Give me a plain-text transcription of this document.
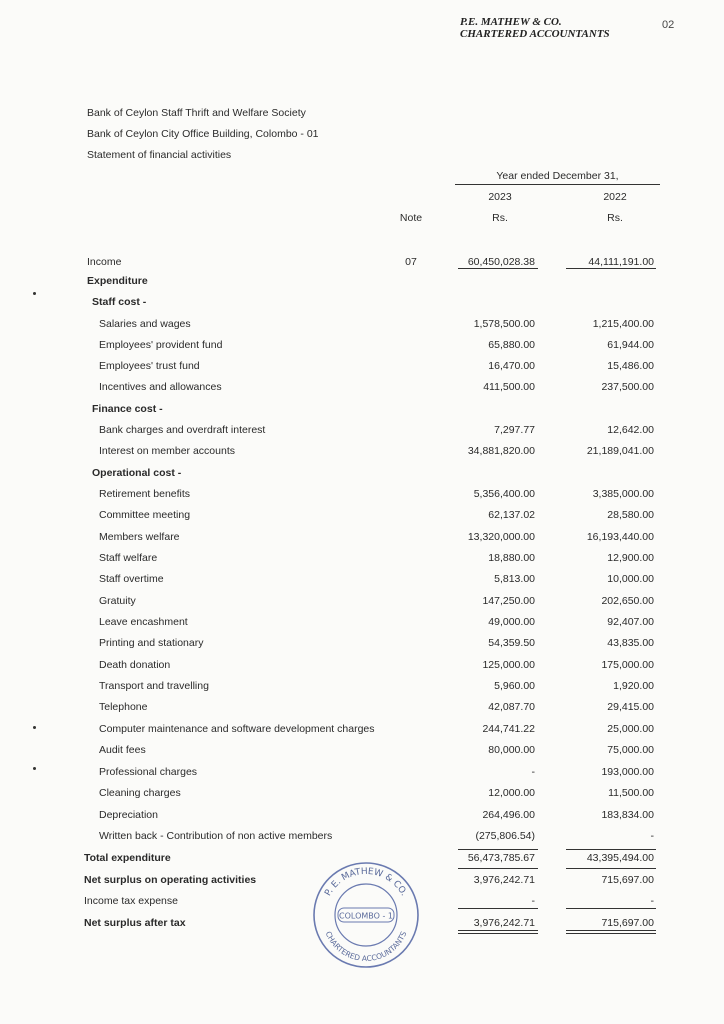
P.E. MATHEW & CO.
CHARTERED ACCOUNTANTS
02
Bank of Ceylon Staff Thrift and Welfare Society
Bank of Ceylon City Office Building, Colombo - 01
Statement of financial activities
Year ended December 31,
2023	2022
Note	Rs.	Rs.
Income	07	60,450,028.38	44,111,191.00
Expenditure
Staff cost -
Salaries and wages	1,578,500.00	1,215,400.00
Employees' provident fund	65,880.00	61,944.00
Employees' trust fund	16,470.00	15,486.00
Incentives and allowances	411,500.00	237,500.00
Finance cost -
Bank charges and overdraft interest	7,297.77	12,642.00
Interest on member accounts	34,881,820.00	21,189,041.00
Operational cost -
Retirement benefits	5,356,400.00	3,385,000.00
Committee meeting	62,137.02	28,580.00
Members welfare	13,320,000.00	16,193,440.00
Staff welfare	18,880.00	12,900.00
Staff overtime	5,813.00	10,000.00
Gratuity	147,250.00	202,650.00
Leave encashment	49,000.00	92,407.00
Printing and stationary	54,359.50	43,835.00
Death donation	125,000.00	175,000.00
Transport and travelling	5,960.00	1,920.00
Telephone	42,087.70	29,415.00
Computer maintenance and software development charges	244,741.22	25,000.00
Audit fees	80,000.00	75,000.00
Professional charges	-	193,000.00
Cleaning charges	12,000.00	11,500.00
Depreciation	264,496.00	183,834.00
Written back - Contribution of non active members	(275,806.54)	-
Total expenditure	56,473,785.67	43,395,494.00
Net surplus on operating activities	3,976,242.71	715,697.00
Income tax expense	-	-
Net surplus after tax	3,976,242.71	715,697.00
P. E. MATHEW & CO.
CHARTERED ACCOUNTANTS
COLOMBO - 1
